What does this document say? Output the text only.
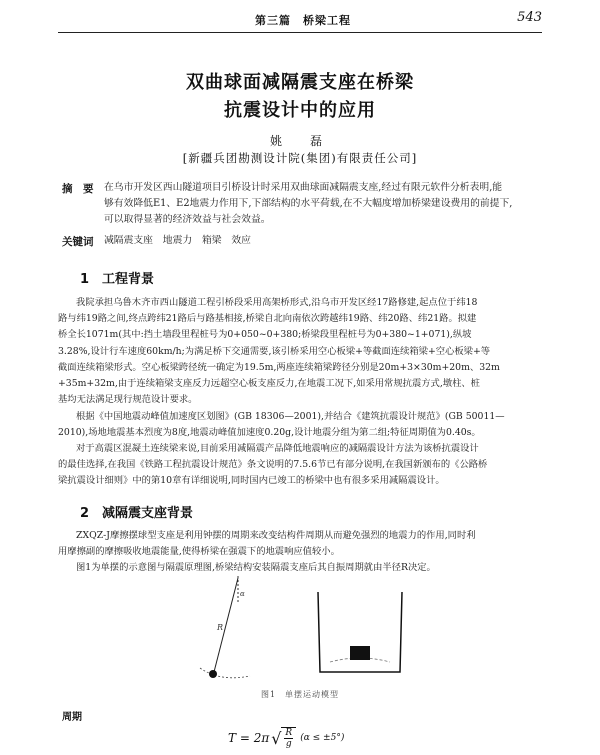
第三篇　桥梁工程	543
双曲球面减隔震支座在桥梁
抗震设计中的应用
姚　磊
[新疆兵团勘测设计院(集团)有限责任公司]
摘　要 在乌市开发区西山隧道项目引桥设计时采用双曲球面减隔震支座,经过有限元软件分析表明,能
够有效降低E1、E2地震力作用下,下部结构的水平荷载,在不大幅度增加桥梁建设费用的前提下,
可以取得显著的经济效益与社会效益。
关键词 减隔震支座　地震力　箱梁　效应
1　工程背景
我院承担乌鲁木齐市西山隧道工程引桥段采用高架桥形式,沿乌市开发区经17路修建,起点位于纬18
路与纬19路之间,终点跨纬21路后与路基相接,桥梁自北向南依次跨越纬19路、纬20路、纬21路。拟建
桥全长1071m(其中:挡土墙段里程桩号为0+050~0+380;桥梁段里程桩号为0+380~1+071),纵坡
3.28%,设计行车速度60km/h;为满足桥下交通需要,该引桥采用空心板梁+等截面连续箱梁+空心板梁+等
截面连续箱梁形式。空心板梁跨径统一确定为19.5m,两座连续箱梁跨径分别是20m+3×30m+20m、32m
+35m+32m,由于连续箱梁支座反力远超空心板支座反力,在地震工况下,如采用常规抗震方式,墩柱、桩
基均无法满足现行规范设计要求。
根据《中国地震动峰值加速度区划图》(GB 18306—2001),并结合《建筑抗震设计规范》(GB 50011—
2010),场地地震基本烈度为8度,地震动峰值加速度0.20g,设计地震分组为第二组;特征周期值为0.40s。
对于高震区混凝土连续梁来说,目前采用减隔震产品降低地震响应的减隔震设计方法为该桥抗震设计
的最佳选择,在我国《铁路工程抗震设计规范》条文说明的7.5.6节已有部分说明,在我国新颁布的《公路桥
梁抗震设计细则》中的第10章有详细说明,同时国内已竣工的桥梁中也有很多采用减隔震设计。
2　减隔震支座背景
ZXQZ-J摩擦摆球型支座是利用钟摆的周期来改变结构件周期从而避免强烈的地震力的作用,同时利
用摩擦副的摩擦吸收地震能量,使得桥梁在强震下的地震响应值较小。
图1为单摆的示意图与隔震原理图,桥梁结构安装隔震支座后其自振周期就由半径R决定。
α
R
图1　单摆运动模型
周期
T = 2π √ $\frac{R}{g} (\alpha \le \pm 5^\circ)$
